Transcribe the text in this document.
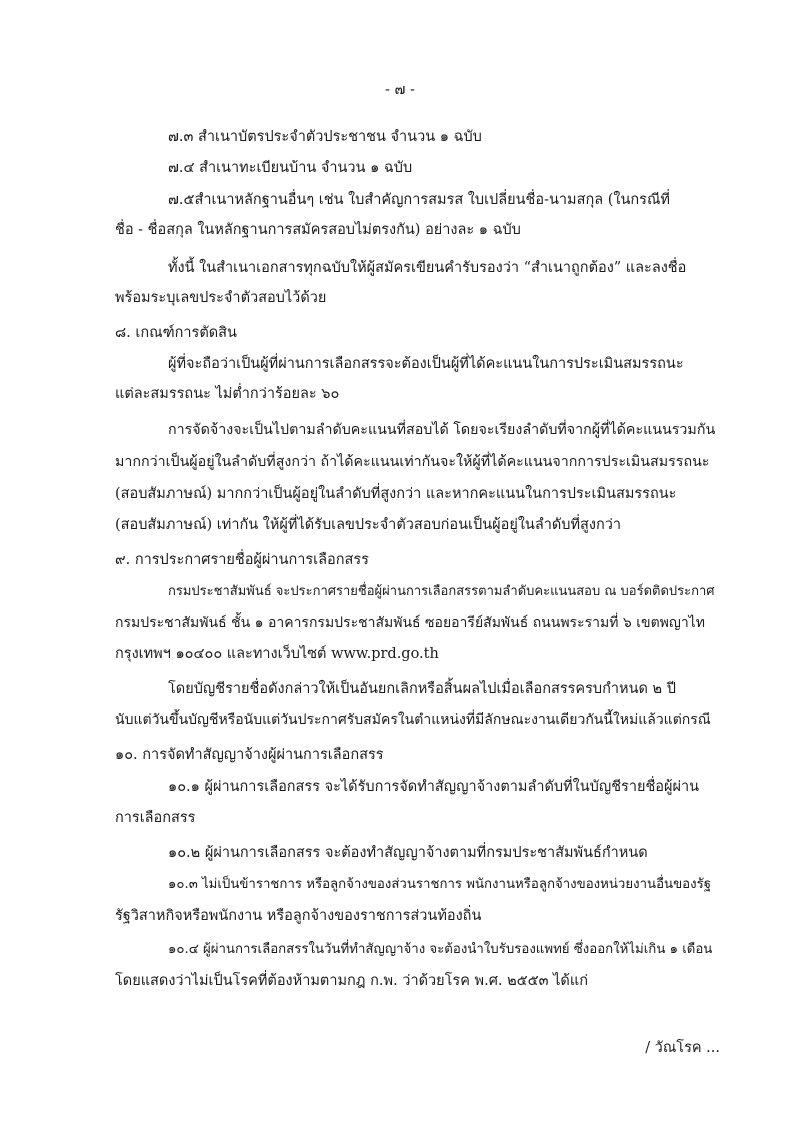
- ๗ -
๗.๓ สำเนาบัตรประจำตัวประชาชน จำนวน ๑ ฉบับ
๗.๔ สำเนาทะเบียนบ้าน จำนวน ๑ ฉบับ
๗.๕สำเนาหลักฐานอื่นๆ เช่น ใบสำคัญการสมรส ใบเปลี่ยนชื่อ-นามสกุล (ในกรณีที่
ชื่อ - ชื่อสกุล ในหลักฐานการสมัครสอบไม่ตรงกัน) อย่างละ ๑ ฉบับ
ทั้งนี้ ในสำเนาเอกสารทุกฉบับให้ผู้สมัครเขียนคำรับรองว่า “สำเนาถูกต้อง” และลงชื่อ
พร้อมระบุเลขประจำตัวสอบไว้ด้วย
๘. เกณฑ์การตัดสิน
ผู้ที่จะถือว่าเป็นผู้ที่ผ่านการเลือกสรรจะต้องเป็นผู้ที่ได้คะแนนในการประเมินสมรรถนะ
แต่ละสมรรถนะ ไม่ต่ำกว่าร้อยละ ๖๐
การจัดจ้างจะเป็นไปตามลำดับคะแนนที่สอบได้ โดยจะเรียงลำดับที่จากผู้ที่ได้คะแนนรวมกัน
มากกว่าเป็นผู้อยู่ในลำดับที่สูงกว่า ถ้าได้คะแนนเท่ากันจะให้ผู้ที่ได้คะแนนจากการประเมินสมรรถนะ
(สอบสัมภาษณ์) มากกว่าเป็นผู้อยู่ในลำดับที่สูงกว่า และหากคะแนนในการประเมินสมรรถนะ
(สอบสัมภาษณ์) เท่ากัน ให้ผู้ที่ได้รับเลขประจำตัวสอบก่อนเป็นผู้อยู่ในลำดับที่สูงกว่า
๙. การประกาศรายชื่อผู้ผ่านการเลือกสรร
กรมประชาสัมพันธ์ จะประกาศรายชื่อผู้ผ่านการเลือกสรรตามลำดับคะแนนสอบ ณ บอร์ดติดประกาศ
กรมประชาสัมพันธ์ ชั้น ๑ อาคารกรมประชาสัมพันธ์ ซอยอารีย์สัมพันธ์ ถนนพระรามที่ ๖ เขตพญาไท
กรุงเทพฯ ๑๐๔๐๐ และทางเว็บไซต์ www.prd.go.th
โดยบัญชีรายชื่อดังกล่าวให้เป็นอันยกเลิกหรือสิ้นผลไปเมื่อเลือกสรรครบกำหนด ๒ ปี
นับแต่วันขึ้นบัญชีหรือนับแต่วันประกาศรับสมัครในตำแหน่งที่มีลักษณะงานเดียวกันนี้ใหม่แล้วแต่กรณี
๑๐. การจัดทำสัญญาจ้างผู้ผ่านการเลือกสรร
๑๐.๑ ผู้ผ่านการเลือกสรร จะได้รับการจัดทำสัญญาจ้างตามลำดับที่ในบัญชีรายชื่อผู้ผ่าน
การเลือกสรร
๑๐.๒ ผู้ผ่านการเลือกสรร จะต้องทำสัญญาจ้างตามที่กรมประชาสัมพันธ์กำหนด
๑๐.๓ ไม่เป็นข้าราชการ หรือลูกจ้างของส่วนราชการ พนักงานหรือลูกจ้างของหน่วยงานอื่นของรัฐ
รัฐวิสาหกิจหรือพนักงาน หรือลูกจ้างของราชการส่วนท้องถิ่น
๑๐.๔ ผู้ผ่านการเลือกสรรในวันที่ทำสัญญาจ้าง จะต้องนำใบรับรองแพทย์ ซึ่งออกให้ไม่เกิน ๑ เดือน
โดยแสดงว่าไม่เป็นโรคที่ต้องห้ามตามกฎ ก.พ. ว่าด้วยโรค พ.ศ. ๒๕๕๓ ได้แก่
/ วัณโรค ...
